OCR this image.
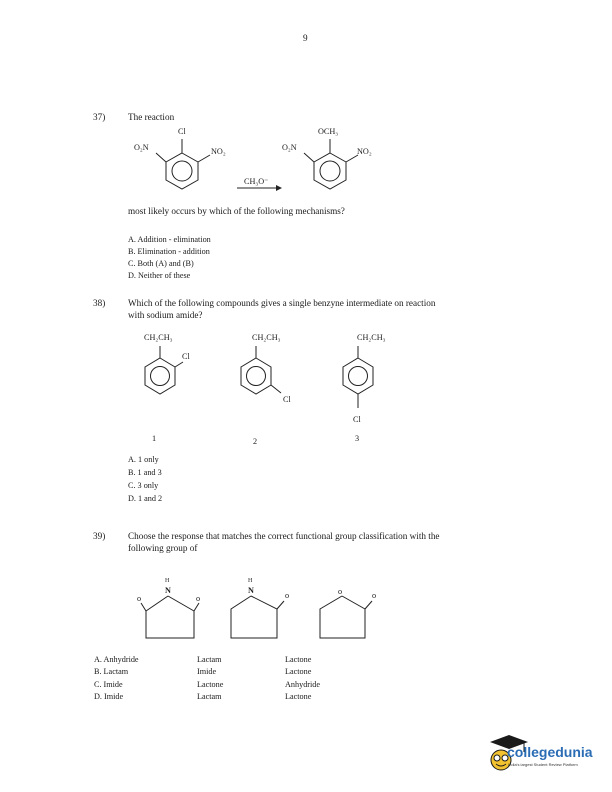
9
37) The reaction
Cl
O₂N	NO₂
CH₃O⁻
OCH₃
O₂N	NO₂
most likely occurs by which of the following mechanisms?
A. Addition - elimination
B. Elimination - addition
C. Both (A) and (B)
D. Neither of these
38) Which of the following compounds gives a single benzyne intermediate on reaction
with sodium amide?
CH₂CH₃
Cl
1
CH₂CH₃
Cl
2
CH₂CH₃
Cl
3
A. 1 only
B. 1 and 3
C. 3 only
D. 1 and 2
39) Choose the response that matches the correct functional group classification with the
following group of
H
N
o	o
H
N
o	o	o
A. Anhydride	Lactam	Lactone
B. Lactam	Imide	Lactone
C. Imide	Lactone	Anhydride
D. Imide	Lactam	Lactone
collegedunia
India's largest Student Review Platform
